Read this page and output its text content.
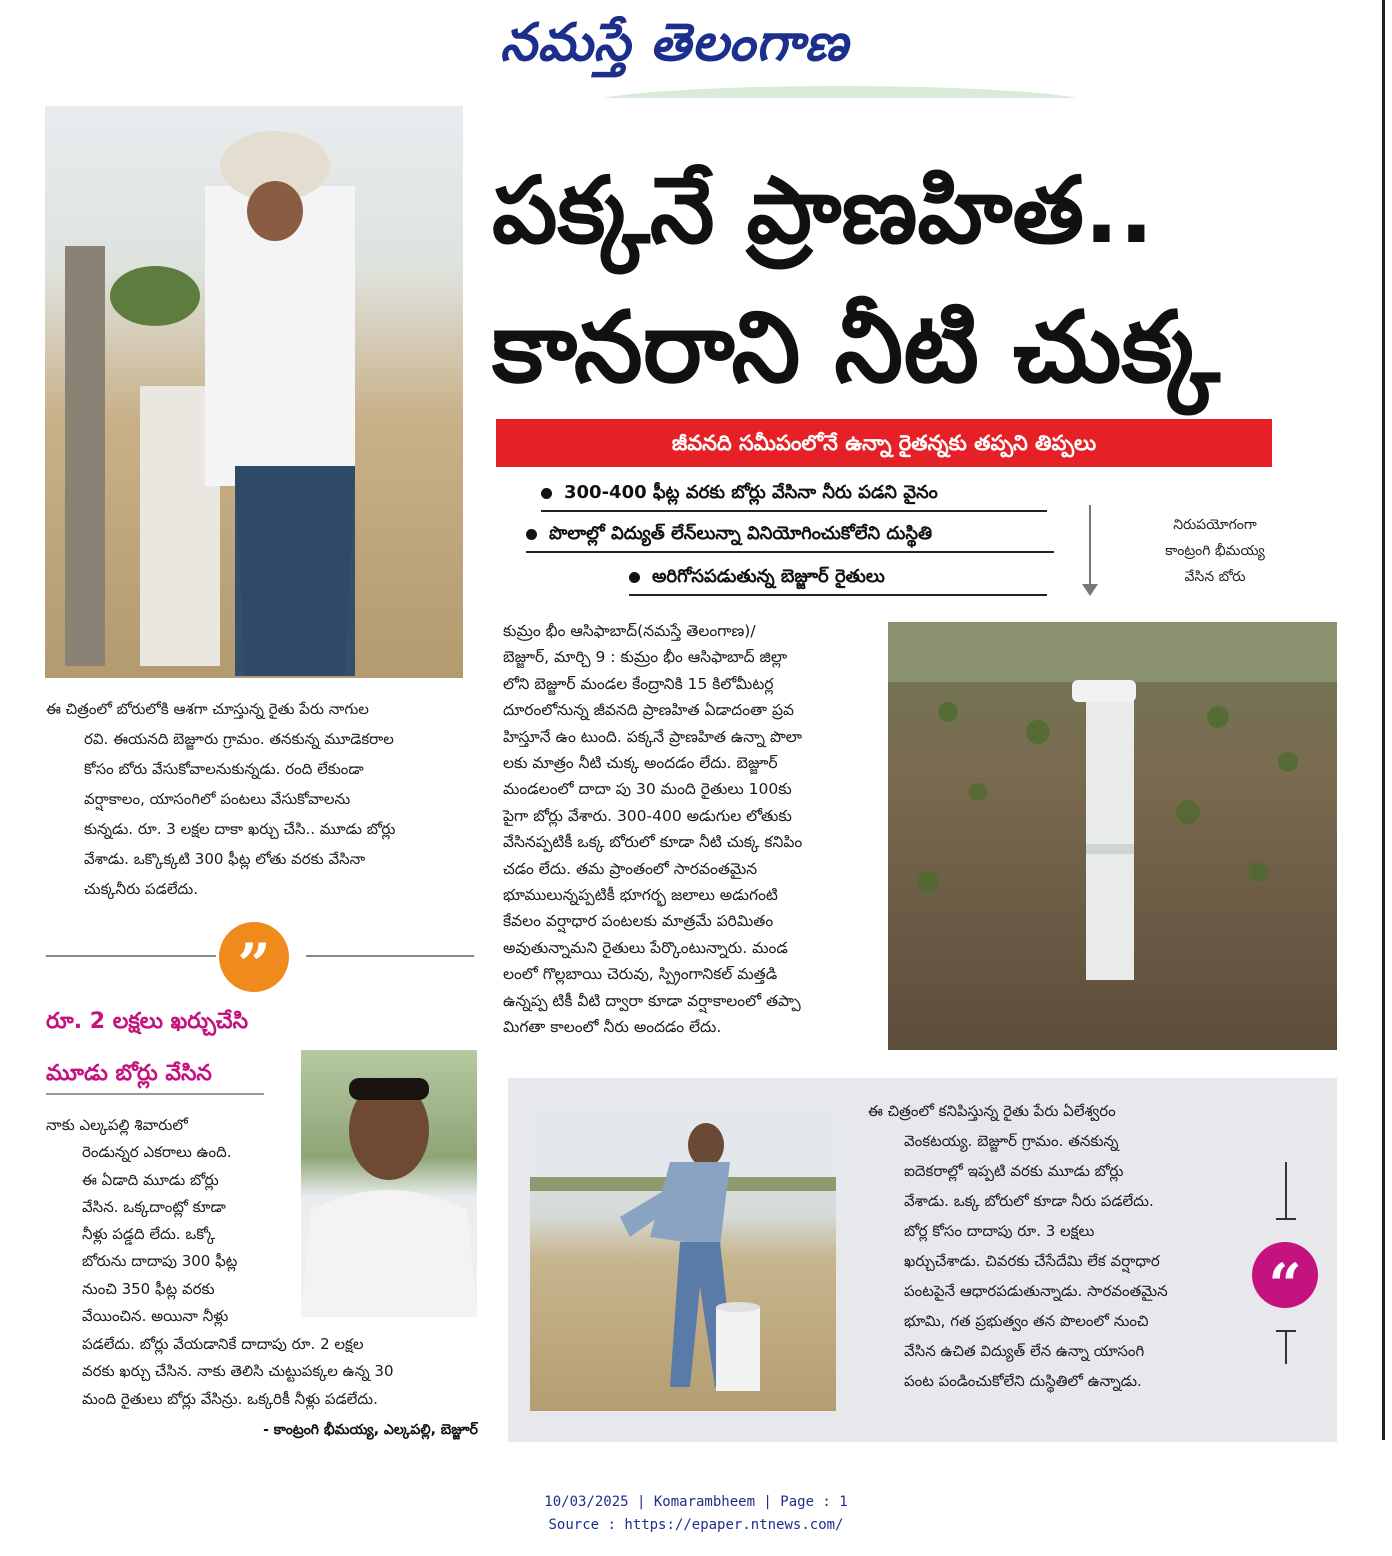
నమస్తే తెలంగాణ
పక్కనే ప్రాణహిత..
కానరాని నీటి చుక్క
జీవనది సమీపంలోనే ఉన్నా రైతన్నకు తప్పని తిప్పలు
300-400 ఫీట్ల వరకు బోర్లు వేసినా నీరు పడని వైనం
పొలాల్లో విద్యుత్ లేన్‌లున్నా వినియోగించుకోలేని దుస్థితి
అరిగోసపడుతున్న బెజ్జూర్ రైతులు
నిరుపయోగంగా
కాంట్రంగి భీమయ్య
వేసిన బోరు
కుమ్రం భీం ఆసిఫాబాద్(నమస్తే తెలంగాణ)/
బెజ్జూర్, మార్చి 9 : కుమ్రం భీం ఆసిఫాబాద్ జిల్లా
లోని బెజ్జూర్ మండల కేంద్రానికి 15 కిలోమీటర్ల
దూరంలోనున్న జీవనది ప్రాణహిత ఏడాదంతా ప్రవ
హిస్తూనే ఉం టుంది. పక్కనే ప్రాణహిత ఉన్నా పొలా
లకు మాత్రం నీటి చుక్క అందడం లేదు. బెజ్జూర్
మండలంలో దాదా పు 30 మంది రైతులు 100కు
పైగా బోర్లు వేశారు. 300-400 అడుగుల లోతుకు
వేసినప్పటికీ ఒక్క బోరులో కూడా నీటి చుక్క కనిపిం
చడం లేదు. తమ ప్రాంతంలో సారవంతమైన
భూములున్నప్పటికీ భూగర్భ జలాలు అడుగంటి
కేవలం వర్షాధార పంటలకు మాత్రమే పరిమితం
అవుతున్నామని రైతులు పేర్కొంటున్నారు. మండ
లంలో గొల్లబాయి చెరువు, స్ప్రింగానికల్ మత్తడి
ఉన్నప్ప టికీ వీటి ద్వారా కూడా వర్షాకాలంలో తప్పా
మిగతా కాలంలో నీరు అందడం లేదు.
ఈ చిత్రంలో బోరులోకి ఆశగా చూస్తున్న రైతు పేరు నాగుల
రవి. ఈయనది బెజ్జూరు గ్రామం. తనకున్న మూడెకరాల
కోసం బోరు వేసుకోవాలనుకున్నడు. రంది లేకుండా
వర్షాకాలం, యాసంగిలో పంటలు వేసుకోవాలను
కున్నడు. రూ. 3 లక్షల దాకా ఖర్చు చేసి.. మూడు బోర్లు
వేశాడు. ఒక్కొక్కటి 300 ఫీట్ల లోతు వరకు వేసినా
చుక్కనీరు పడలేదు.
”
రూ. 2 లక్షలు ఖర్చుచేసి
మూడు బోర్లు వేసిన
నాకు ఎల్కపల్లి శివారులో
రెండున్నర ఎకరాలు ఉంది.
ఈ ఏడాది మూడు బోర్లు
వేసిన. ఒక్కదాంట్లో కూడా
నీళ్లు పడ్డది లేదు. ఒక్కో
బోరును దాదాపు 300 ఫీట్ల
నుంచి 350 ఫీట్ల వరకు
వేయించిన. అయినా నీళ్లు
పడలేదు. బోర్లు వేయడానికే దాదాపు రూ. 2 లక్షల
వరకు ఖర్చు చేసిన. నాకు తెలిసి చుట్టుపక్కల ఉన్న 30
మంది రైతులు బోర్లు వేసిన్రు. ఒక్కరికీ నీళ్లు పడలేదు.
- కాంట్రంగి భీమయ్య, ఎల్కపల్లి, బెజ్జూర్
ఈ చిత్రంలో కనిపిస్తున్న రైతు పేరు ఏలేశ్వరం
వెంకటయ్య. బెజ్జూర్ గ్రామం. తనకున్న
ఐదెకరాల్లో ఇప్పటి వరకు మూడు బోర్లు
వేశాడు. ఒక్క బోరులో కూడా నీరు పడలేదు.
బోర్ల కోసం దాదాపు రూ. 3 లక్షలు
ఖర్చుచేశాడు. చివరకు చేసేదేమి లేక వర్షాధార
పంటపైనే ఆధారపడుతున్నాడు. సారవంతమైన
భూమి, గత ప్రభుత్వం తన పొలంలో నుంచి
వేసిన ఉచిత విద్యుత్ లేన ఉన్నా యాసంగి
పంట పండించుకోలేని దుస్థితిలో ఉన్నాడు.
“
10/03/2025 | Komarambheem | Page : 1
Source : https://epaper.ntnews.com/
